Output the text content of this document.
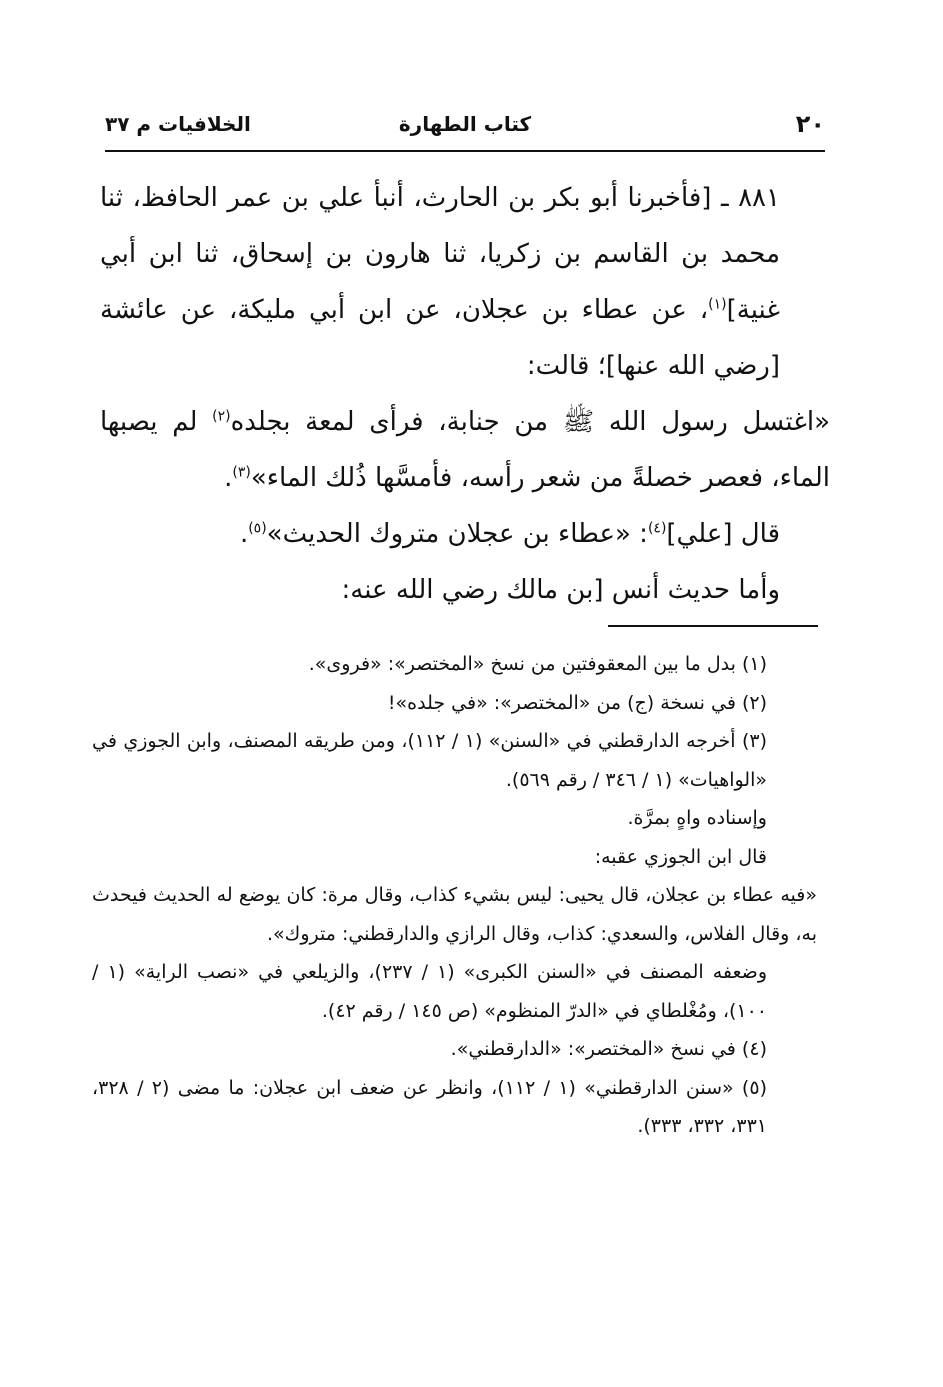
٢٠
كتاب الطهارة
الخلافيات م ٣٧

٨٨١ ـ [فأخبرنا أبو بكر بن الحارث، أنبأ علي بن عمر الحافظ، ثنا محمد بن القاسم بن زكريا، ثنا هارون بن إسحاق، ثنا ابن أبي غنية]$^{(١)}$، عن عطاء بن عجلان، عن ابن أبي مليكة، عن عائشة [رضي الله عنها]؛ قالت:

«اغتسل رسول الله ﷺ من جنابة، فرأى لمعة بجلده$^{(٢)}$ لم يصبها الماء، فعصر خصلةً من شعر رأسه، فأمسَّها ذُلك الماء»$^{(٣)}$.

قال [علي]$^{(٤)}$: «عطاء بن عجلان متروك الحديث»$^{(٥)}$.

وأما حديث أنس [بن مالك رضي الله عنه:

(١) بدل ما بين المعقوفتين من نسخ «المختصر»: «فروى».

(٢) في نسخة (ج) من «المختصر»: «في جلده»!

(٣) أخرجه الدارقطني في «السنن» (١ / ١١٢)، ومن طريقه المصنف، وابن الجوزي في «الواهيات» (١ / ٣٤٦ / رقم ٥٦٩).

وإسناده واهٍ بمرَّة.

قال ابن الجوزي عقبه:

«فيه عطاء بن عجلان، قال يحيى: ليس بشيء كذاب، وقال مرة: كان يوضع له الحديث فيحدث به، وقال الفلاس، والسعدي: كذاب، وقال الرازي والدارقطني: متروك».

وضعفه المصنف في «السنن الكبرى» (١ / ٢٣٧)، والزيلعي في «نصب الراية» (١ / ١٠٠)، ومُغْلطاي في «الدرّ المنظوم» (ص ١٤٥ / رقم ٤٢).

(٤) في نسخ «المختصر»: «الدارقطني».

(٥) «سنن الدارقطني» (١ / ١١٢)، وانظر عن ضعف ابن عجلان: ما مضى (٢ / ٣٢٨، ٣٣١، ٣٣٢، ٣٣٣).
